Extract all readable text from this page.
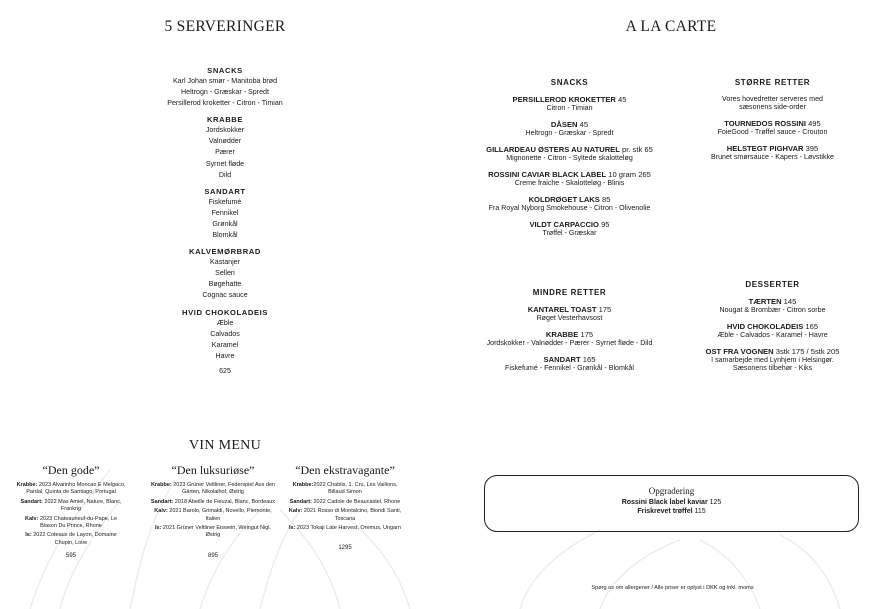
5 SERVERINGER
SNACKS
Karl Johan smør - Manitoba brød
Heltrogn - Græskar - Spredt
Persillerod kroketter - Citron - Timian
KRABBE
Jordskokker
Valnødder
Pærer
Syrnet fløde
Dild
SANDART
Fiskefumé
Fennikel
Grønkål
Blomkål
KALVEMØRBRAD
Kastanjer
Selleri
Bøgehatte
Cognac sauce
HVID CHOKOLADEIS
Æble
Calvados
Karamel
Havre
625
VIN MENU
“Den gode”
Krabbe: 2023 Alvarinho Moncao E Melgaco, Pardal, Quinta de Santiago, Portugal
Sandart: 2022 Mas Amiel, Nature, Blanc, Frankrig
Kalv: 2023 Chateauneuf-du-Pape, Le Blason Du Prince, Rhone
Is: 2022 Coteaux de Layon, Domaine Chupin, Loire
595
“Den luksuriøse”
Krabbe: 2023 Grüner Veltliner, Federspiel Aus den Gärten, Nikolaihof, Østrig
Sandart: 2018 Abeille de Fieuzal, Blanc, Bordeaux
Kalv: 2021 Barolo, Grimaldi, Novello, Piemonte, Italien
Is: 2021 Grüner Veltliner Eiswein, Weingut Nigl, Østrig
895
“Den ekstravagante”
Krabbe:2022 Chablis, 1. Cru, Les Vaillons, Billaud Simon
Sandart: 2022 Cadole de Beaucastel, Rhone
Kalv: 2021 Rosso di Montalcino, Biondi Santi, Toscana
Is: 2023 Tokaji Late Harvest, Oremus, Ungarn
1295
A LA CARTE
SNACKS
PERSILLEROD KROKETTER 45
Citron - Timian
DÅSEN 45
Heltrogn - Græskar - Spredt
GILLARDEAU ØSTERS AU NATUREL pr. stk 65
Mignonette - Citron - Syltede skalotteløg
ROSSINI CAVIAR BLACK LABEL 10 gram 265
Creme fraiche - Skalotteløg - Blinis
KOLDRØGET LAKS 85
Fra Royal Nyborg Smokehouse - Citron - Olivenolie
VILDT CARPACCIO 95
Trøffel - Græskar
MINDRE RETTER
KANTAREL TOAST 175
Røget Vesterhavsost
KRABBE 175
Jordskokker - Valnødder - Pærer - Syrnet fløde - Dild
SANDART 165
Fiskefumé - Fennikel - Grønkål - Blomkål
STØRRE RETTER
Vores hovedretter serveres med sæsonens side-order
TOURNEDOS ROSSINI 495
FoieGood - Trøffel sauce - Crouton
HELSTEGT PIGHVAR 395
Brunet smørsauce - Kapers - Løvstikke
DESSERTER
TÆRTEN 145
Nougat & Brombær - Citron sorbe
HVID CHOKOLADEIS 165
Æble - Calvados - Karamel - Havre
OST FRA VOGNEN 3stk 175 / 5stk 205
I samarbejde med Lynhjem i Helsingør. Sæsonens tilbehør - Kiks
Opgradering
Rossini Black label kaviar 125
Friskrevet trøffel 115
Spørg os om allergener / Alle priser er oplyst i DKK og inkl. moms
